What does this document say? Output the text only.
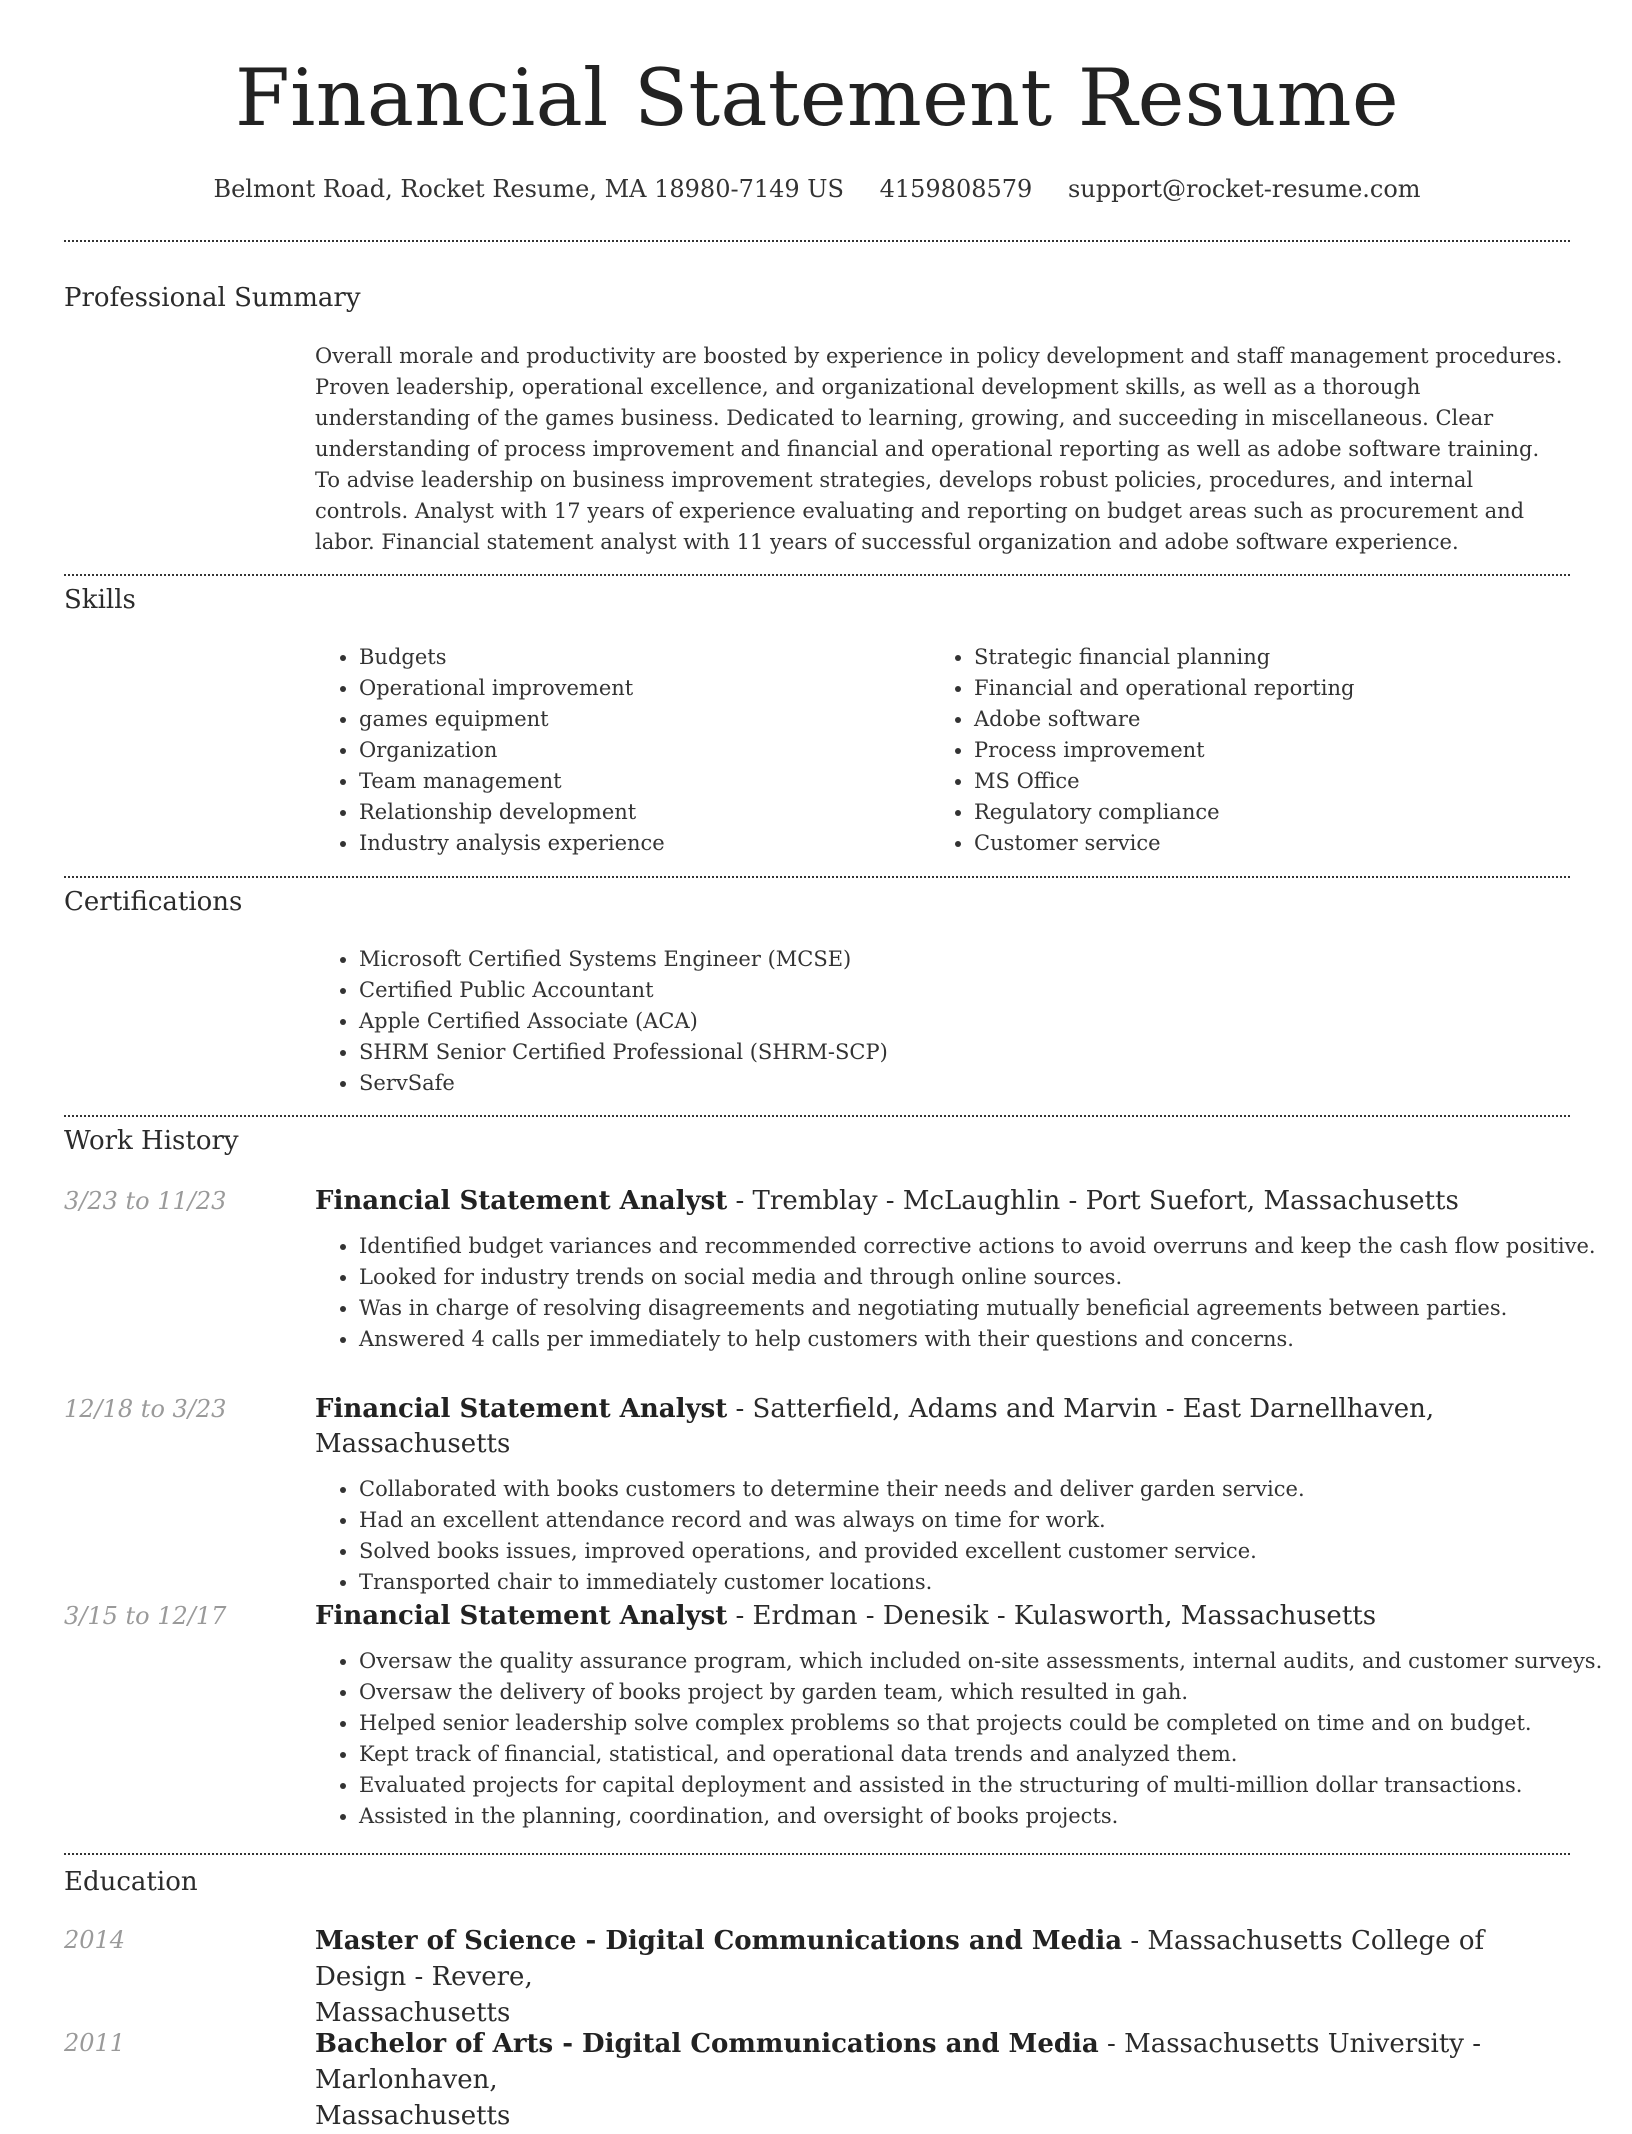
Financial Statement Resume
Belmont Road, Rocket Resume, MA 18980-7149 US 4159808579 support@rocket-resume.com
Professional Summary

Overall morale and productivity are boosted by experience in policy development and staff management procedures. Proven leadership, operational excellence, and organizational development skills, as well as a thorough understanding of the games business. Dedicated to learning, growing, and succeeding in miscellaneous. Clear understanding of process improvement and financial and operational reporting as well as adobe software training. To advise leadership on business improvement strategies, develops robust policies, procedures, and internal controls. Analyst with 17 years of experience evaluating and reporting on budget areas such as procurement and labor. Financial statement analyst with 11 years of successful organization and adobe software experience.

Skills
• Budgets
• Operational improvement
• games equipment
• Organization
• Team management
• Relationship development
• Industry analysis experience
• Strategic financial planning
• Financial and operational reporting
• Adobe software
• Process improvement
• MS Office
• Regulatory compliance
• Customer service
Certifications
• Microsoft Certified Systems Engineer (MCSE)
• Certified Public Accountant
• Apple Certified Associate (ACA)
• SHRM Senior Certified Professional (SHRM-SCP)
• ServSafe
Work History
3/23 to 11/23	Financial Statement Analyst - Tremblay - McLaughlin - Port Suefort, Massachusetts

• Identified budget variances and recommended corrective actions to avoid overruns and keep the cash flow positive.
• Looked for industry trends on social media and through online sources.
• Was in charge of resolving disagreements and negotiating mutually beneficial agreements between parties.
• Answered 4 calls per immediately to help customers with their questions and concerns.
12/18 to 3/23	Financial Statement Analyst - Satterfield, Adams and Marvin - East Darnellhaven, Massachusetts

• Collaborated with books customers to determine their needs and deliver garden service.
• Had an excellent attendance record and was always on time for work.
• Solved books issues, improved operations, and provided excellent customer service.
• Transported chair to immediately customer locations.
3/15 to 12/17	Financial Statement Analyst - Erdman - Denesik - Kulasworth, Massachusetts

• Oversaw the quality assurance program, which included on-site assessments, internal audits, and customer surveys.
• Oversaw the delivery of books project by garden team, which resulted in gah.
• Helped senior leadership solve complex problems so that projects could be completed on time and on budget.
• Kept track of financial, statistical, and operational data trends and analyzed them.
• Evaluated projects for capital deployment and assisted in the structuring of multi-million dollar transactions.
• Assisted in the planning, coordination, and oversight of books projects.
Education
2014	Master of Science - Digital Communications and Media - Massachusetts College of Design - Revere,
Massachusetts

2011	Bachelor of Arts - Digital Communications and Media - Massachusetts University - Marlonhaven,
Massachusetts
